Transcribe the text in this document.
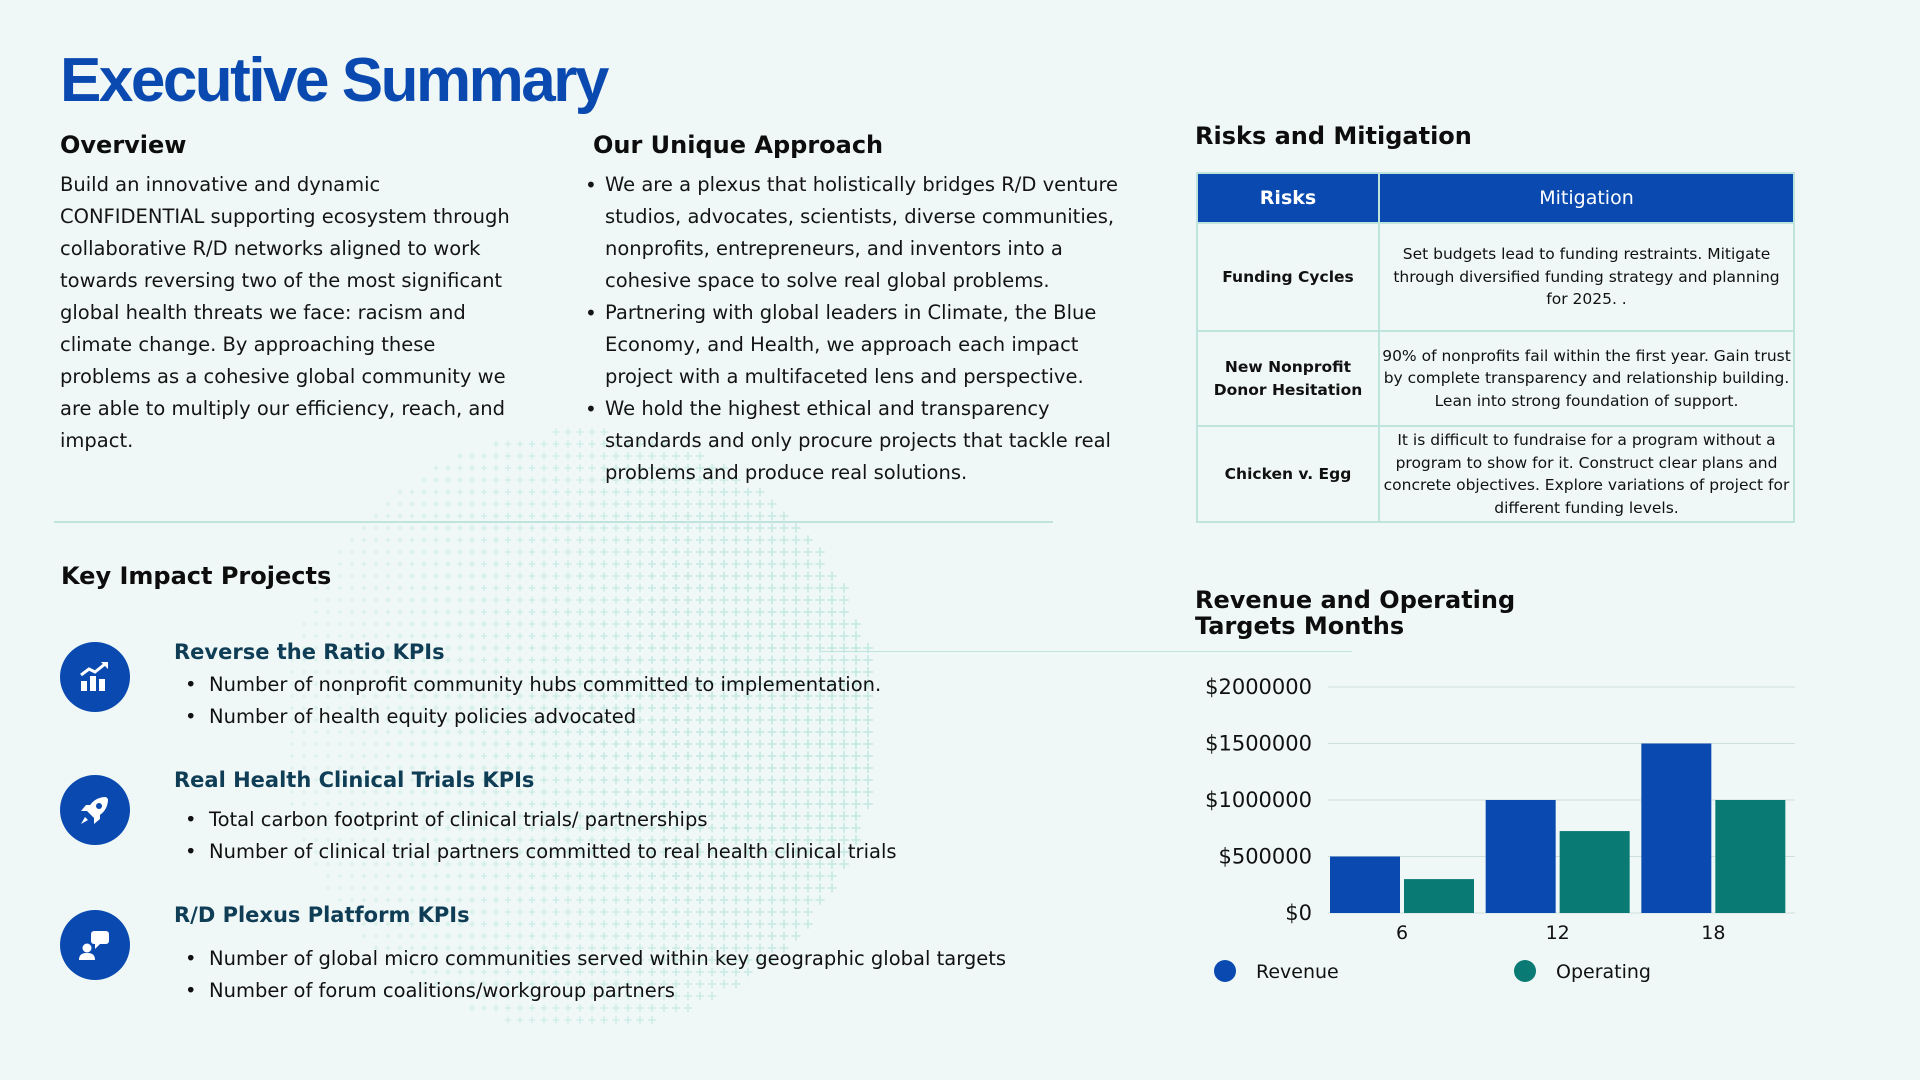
Executive Summary
Overview

Build an innovative and dynamic CONFIDENTIAL supporting ecosystem through collaborative R/D networks aligned to work towards reversing two of the most significant global health threats we face: racism and climate change. By approaching these problems as a cohesive global community we are able to multiply our efficiency, reach, and impact.

Our Unique Approach
• We are a plexus that holistically bridges R/D venture studios, advocates, scientists, diverse communities, nonprofits, entrepreneurs, and inventors into a cohesive space to solve real global problems.
• Partnering with global leaders in Climate, the Blue Economy, and Health, we approach each impact project with a multifaceted lens and perspective.
• We hold the highest ethical and transparency standards and only procure projects that tackle real problems and produce real solutions.
Risks and Mitigation
Risks	Mitigation
Funding Cycles	Set budgets lead to funding restraints. Mitigate through diversified funding strategy and planning for 2025. .
New Nonprofit Donor Hesitation	90% of nonprofits fail within the first year. Gain trust by complete transparency and relationship building. Lean into strong foundation of support.
Chicken v. Egg	It is difficult to fundraise for a program without a program to show for it. Construct clear plans and concrete objectives. Explore variations of project for different funding levels.
Key Impact Projects
Reverse the Ratio KPIs
• Number of nonprofit community hubs committed to implementation.
• Number of health equity policies advocated
Real Health Clinical Trials KPIs
• Total carbon footprint of clinical trials/ partnerships
• Number of clinical trial partners committed to real health clinical trials
R/D Plexus Platform KPIs
• Number of global micro communities served within key geographic global targets
• Number of forum coalitions/workgroup partners
Revenue and Operating
Targets Months
$0
$500000
$1000000
$1500000
$2000000
6	12	18
Revenue	Operating
